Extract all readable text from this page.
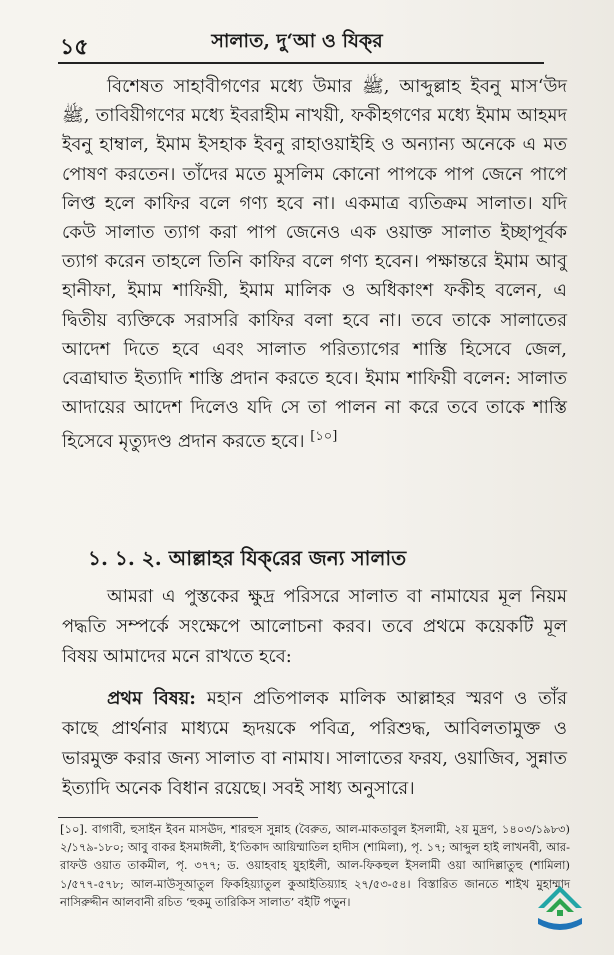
১৫	সালাত, দু‘আ ও যিক্‌র

বিশেষত সাহাবীগণের মধ্যে উমার ﷺ, আব্দুল্লাহ ইবনু মাস‘উদ ﷺ, তাবিয়ীগণের মধ্যে ইবরাহীম নাখয়ী, ফকীহগণের মধ্যে ইমাম আহমদ ইবনু হাম্বাল, ইমাম ইসহাক ইবনু রাহাওয়াইহি ও অন্যান্য অনেকে এ মত পোষণ করতেন। তাঁদের মতে মুসলিম কোনো পাপকে পাপ জেনে পাপে লিপ্ত হলে কাফির বলে গণ্য হবে না। একমাত্র ব্যতিক্রম সালাত। যদি কেউ সালাত ত্যাগ করা পাপ জেনেও এক ওয়াক্ত সালাত ইচ্ছাপূর্বক ত্যাগ করেন তাহলে তিনি কাফির বলে গণ্য হবেন। পক্ষান্তরে ইমাম আবু হানীফা, ইমাম শাফিয়ী, ইমাম মালিক ও অধিকাংশ ফকীহ বলেন, এ দ্বিতীয় ব্যক্তিকে সরাসরি কাফির বলা হবে না। তবে তাকে সালাতের আদেশ দিতে হবে এবং সালাত পরিত্যাগের শাস্তি হিসেবে জেল, বেত্রাঘাত ইত্যাদি শাস্তি প্রদান করতে হবে। ইমাম শাফিয়ী বলেন: সালাত আদায়ের আদেশ দিলেও যদি সে তা পালন না করে তবে তাকে শাস্তি হিসেবে মৃত্যুদণ্ড প্রদান করতে হবে। [১০]

১. ১. ২. আল্লাহর যিক্‌রের জন্য সালাত

আমরা এ পুস্তকের ক্ষুদ্র পরিসরে সালাত বা নামাযের মূল নিয়ম পদ্ধতি সম্পর্কে সংক্ষেপে আলোচনা করব। তবে প্রথমে কয়েকটি মূল বিষয় আমাদের মনে রাখতে হবে:

প্রথম বিষয়: মহান প্রতিপালক মালিক আল্লাহর স্মরণ ও তাঁর কাছে প্রার্থনার মাধ্যমে হৃদয়কে পবিত্র, পরিশুদ্ধ, আবিলতামুক্ত ও ভারমুক্ত করার জন্য সালাত বা নামায। সালাতের ফরয, ওয়াজিব, সুন্নাত ইত্যাদি অনেক বিধান রয়েছে। সবই সাধ্য অনুসারে।

[১০]. বাগাবী, হুসাইন ইবন মাসঊদ, শারহুস সুন্নাহ (বৈরুত, আল-মাকতাবুল ইসলামী, ২য় মুদ্রণ, ১৪০৩/১৯৮৩) ২/১৭৯-১৮০; আবু বাকর ইসমাঈলী, ই‘তিকাদ আয়িম্মাতিল হাদীস (শামিলা), পৃ. ১৭; আব্দুল হাই লাখনবী, আর-রাফউ ওয়াত তাকমীল, পৃ. ৩৭৭; ড. ওয়াহবাহ যুহাইলী, আল-ফিকহুল ইসলামী ওয়া আদিল্লাতুহু (শামিলা) ১/৫৭৭-৫৭৮; আল-মাউসূআতুল ফিকহিয়্যাতুল কুআইতিয়্যাহ ২৭/৫৩-৫৪। বিস্তারিত জানতে শাইখ মুহাম্মাদ নাসিরুদ্দীন আলবানী রচিত ‘হুকমু তারিকিস সালাত’ বইটি পড়ুন।
